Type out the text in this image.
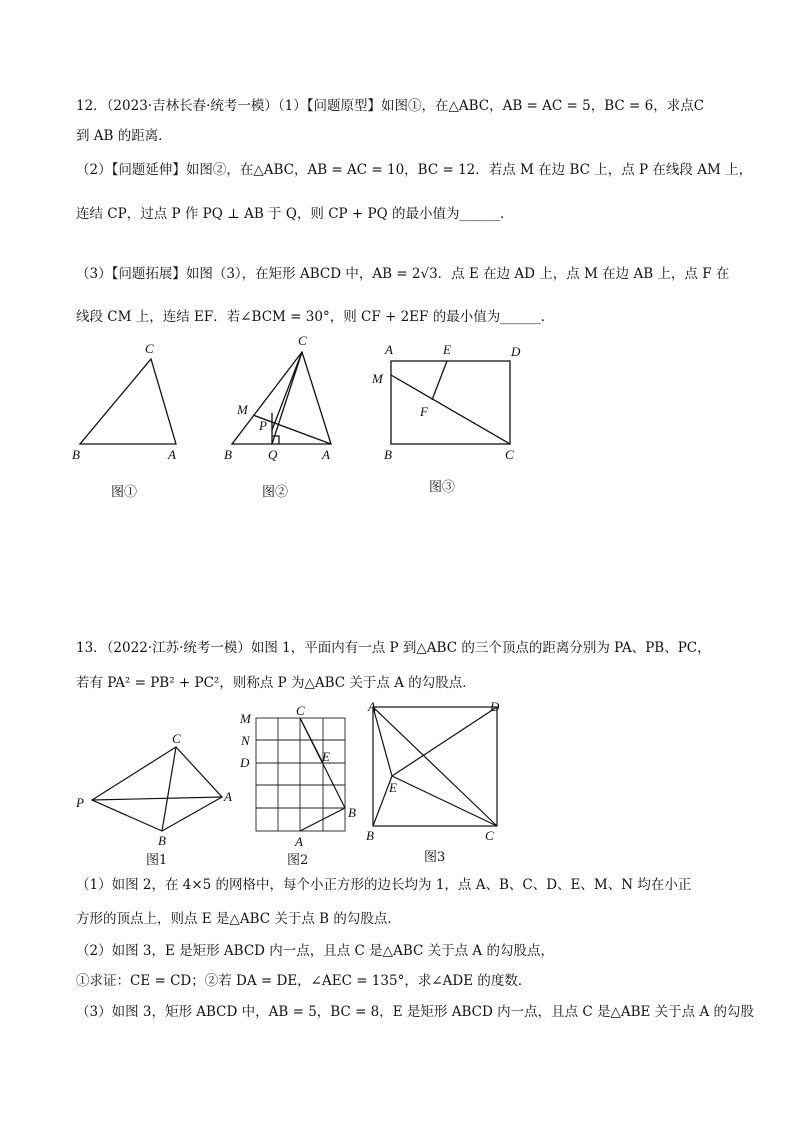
12．（2023·吉林长春·统考一模）（1）【问题原型】如图①，在△ABC，AB = AC = 5，BC = 6，求点C
到 AB 的距离．
（2）【问题延伸】如图②，在△ABC，AB = AC = 10，BC = 12．若点 M 在边 BC 上，点 P 在线段 AM 上，
连结 CP，过点 P 作 PQ ⊥ AB 于 Q，则 CP + PQ 的最小值为______．
（3）【问题拓展】如图（3），在矩形 ABCD 中，AB = 2√3．点 E 在边 AD 上，点 M 在边 AB 上，点 F 在
线段 CM 上，连结 EF．若∠BCM = 30°，则 CF + 2EF 的最小值为______．
C
B	A
图①
C
M
P
B	Q	A
图②
A	E	D
M
F
B	C
图③
13．（2022·江苏·统考一模）如图 1，平面内有一点 P 到△ABC 的三个顶点的距离分别为 PA、PB、PC，
若有 PA² = PB² + PC²，则称点 P 为△ABC 关于点 A 的勾股点．
C
P	A
B
图1
M
C
N
D	E
B
A
图2
A	D
E
B	C
图3
（1）如图 2，在 4×5 的网格中，每个小正方形的边长均为 1，点 A、B、C、D、E、M、N 均在小正
方形的顶点上，则点 E 是△ABC 关于点 B 的勾股点．
（2）如图 3，E 是矩形 ABCD 内一点，且点 C 是△ABC 关于点 A 的勾股点，
①求证：CE = CD；②若 DA = DE，∠AEC = 135°，求∠ADE 的度数．
（3）如图 3，矩形 ABCD 中，AB = 5，BC = 8，E 是矩形 ABCD 内一点，且点 C 是△ABE 关于点 A 的勾股
